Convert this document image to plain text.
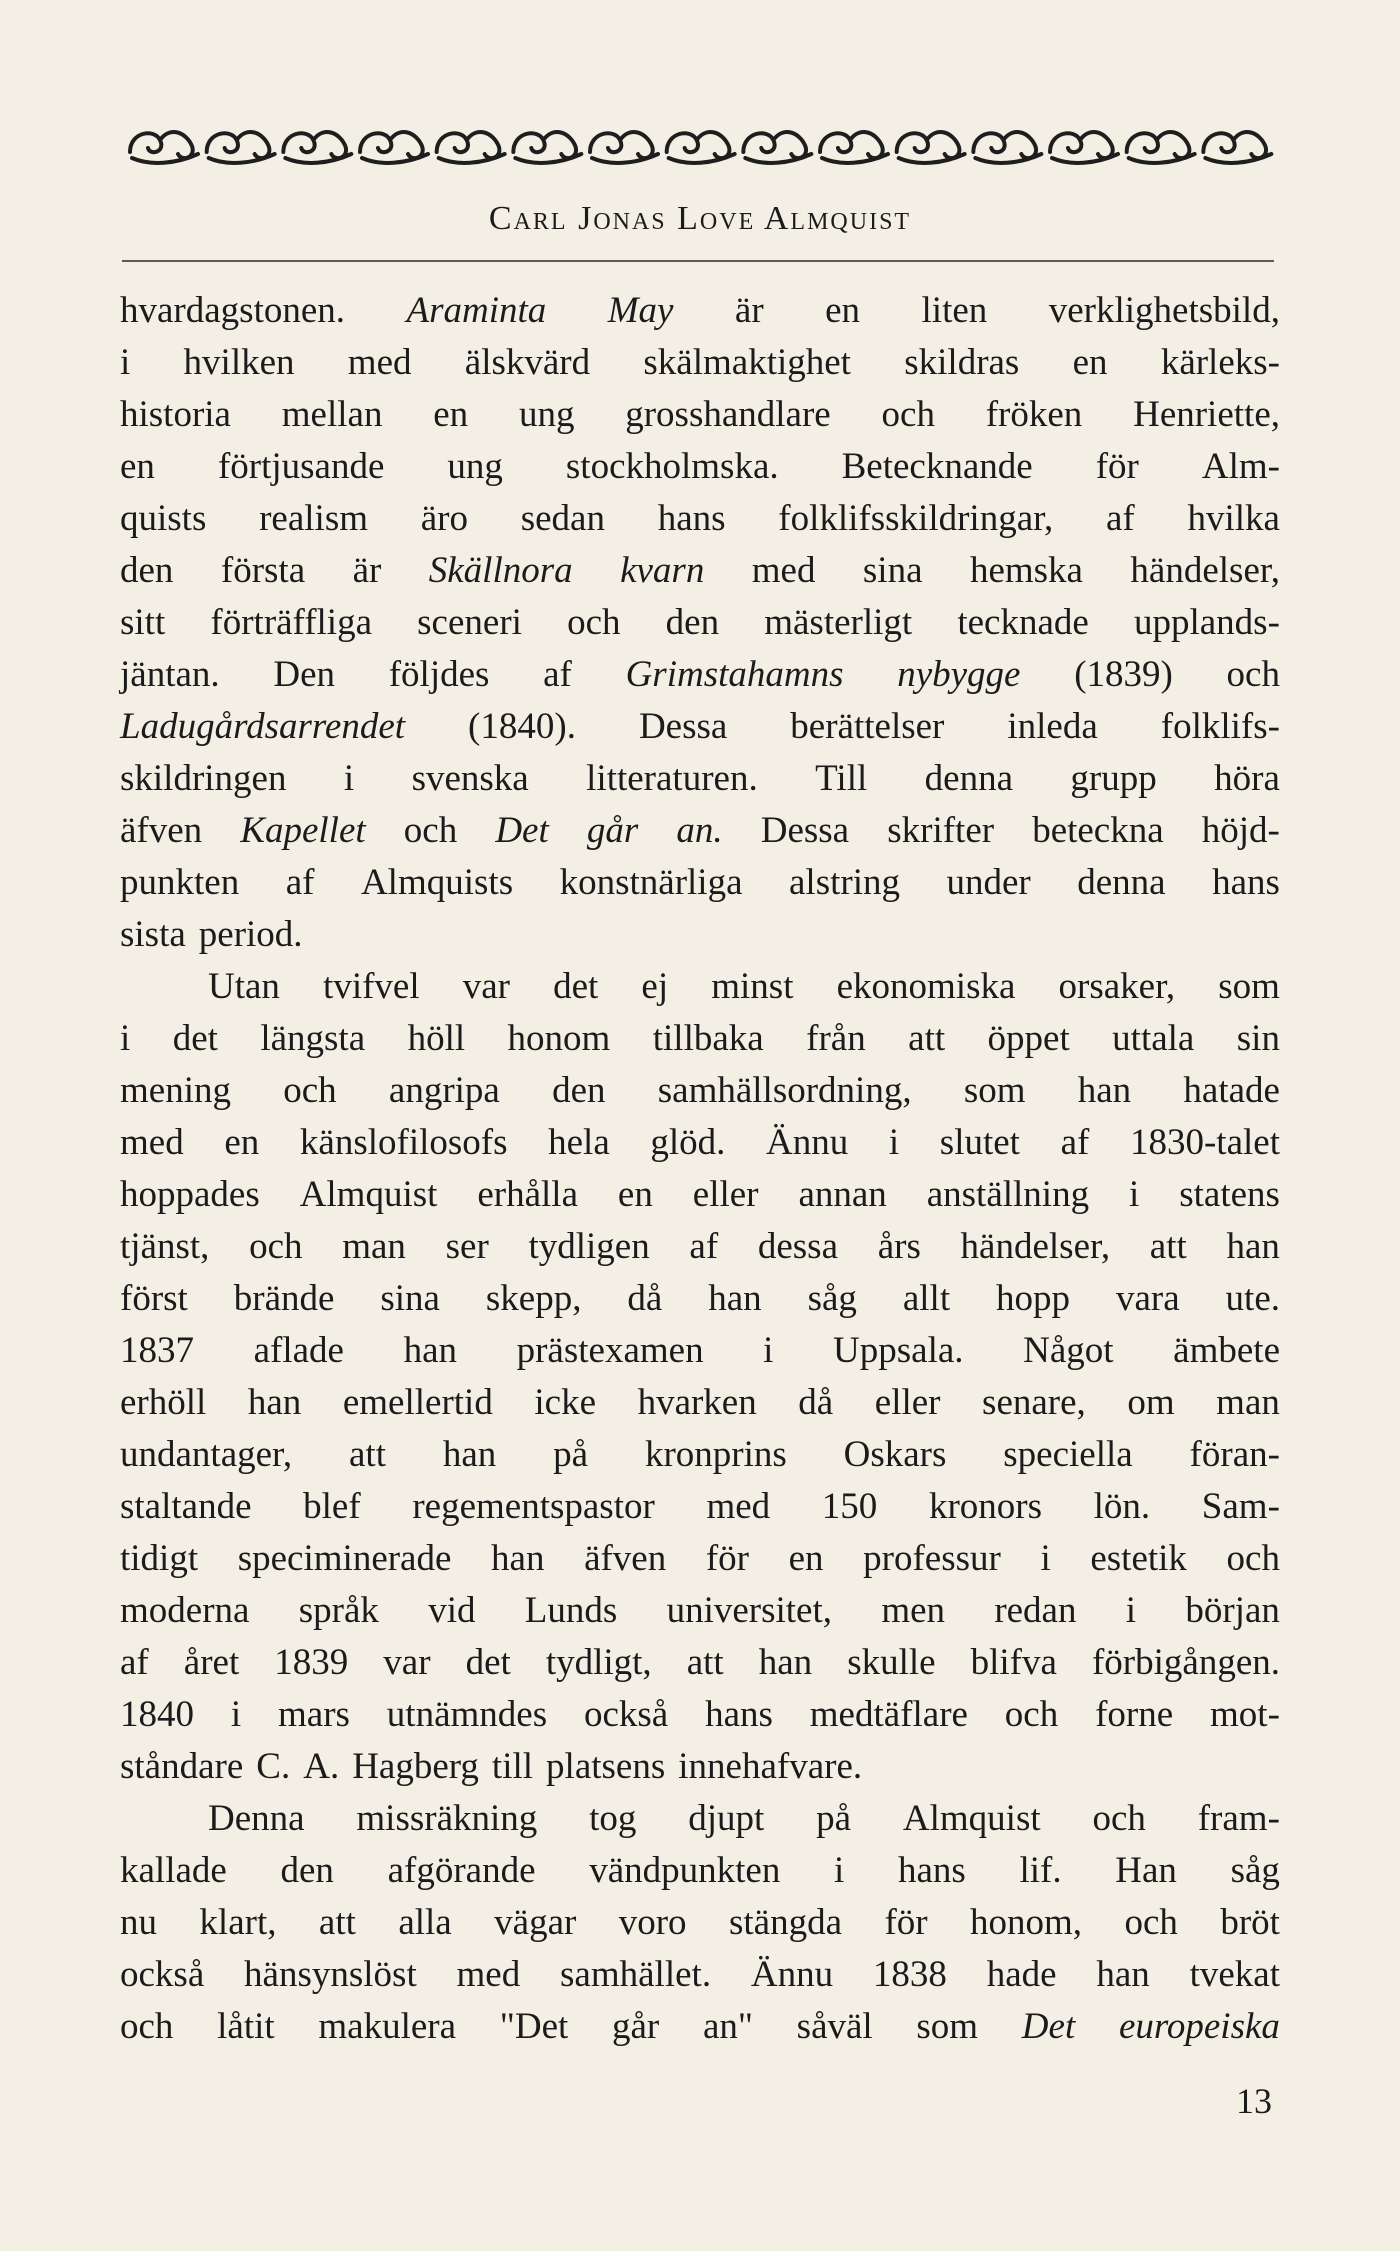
Carl Jonas Love Almquist
hvardagstonen. Araminta May är en liten verklighetsbild,
i hvilken med älskvärd skälmaktighet skildras en kärleks-
historia mellan en ung grosshandlare och fröken Henriette,
en förtjusande ung stockholmska. Betecknande för Alm-
quists realism äro sedan hans folklifsskildringar, af hvilka
den första är Skällnora kvarn med sina hemska händelser,
sitt förträffliga sceneri och den mästerligt tecknade upplands-
jäntan. Den följdes af Grimstahamns nybygge (1839) och
Ladugårdsarrendet (1840). Dessa berättelser inleda folklifs-
skildringen i svenska litteraturen. Till denna grupp höra
äfven Kapellet och Det går an. Dessa skrifter beteckna höjd-
punkten af Almquists konstnärliga alstring under denna hans
sista period.
Utan tvifvel var det ej minst ekonomiska orsaker, som
i det längsta höll honom tillbaka från att öppet uttala sin
mening och angripa den samhällsordning, som han hatade
med en känslofilosofs hela glöd. Ännu i slutet af 1830-talet
hoppades Almquist erhålla en eller annan anställning i statens
tjänst, och man ser tydligen af dessa års händelser, att han
först brände sina skepp, då han såg allt hopp vara ute.
1837 aflade han prästexamen i Uppsala. Något ämbete
erhöll han emellertid icke hvarken då eller senare, om man
undantager, att han på kronprins Oskars speciella föran-
staltande blef regementspastor med 150 kronors lön. Sam-
tidigt speciminerade han äfven för en professur i estetik och
moderna språk vid Lunds universitet, men redan i början
af året 1839 var det tydligt, att han skulle blifva förbigången.
1840 i mars utnämndes också hans medtäflare och forne mot-
ståndare C. A. Hagberg till platsens innehafvare.
Denna missräkning tog djupt på Almquist och fram-
kallade den afgörande vändpunkten i hans lif. Han såg
nu klart, att alla vägar voro stängda för honom, och bröt
också hänsynslöst med samhället. Ännu 1838 hade han tvekat
och låtit makulera "Det går an" såväl som Det europeiska
13
